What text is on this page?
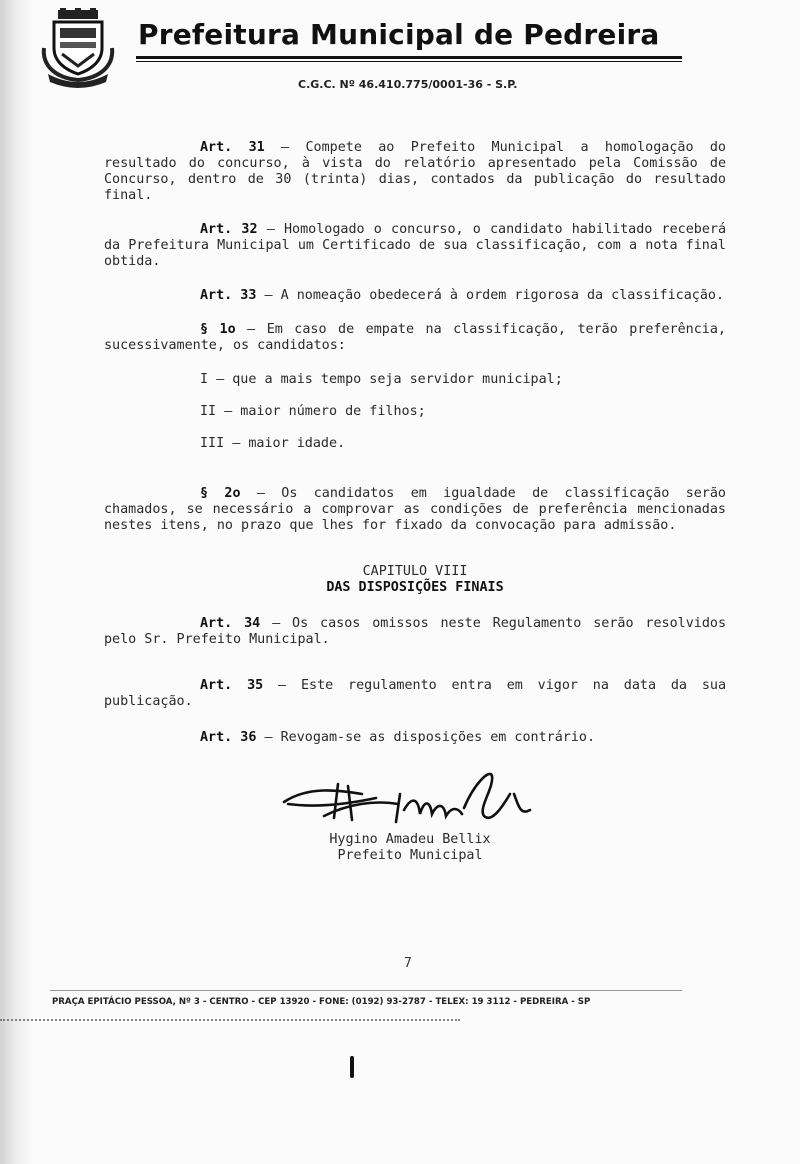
Prefeitura Municipal de Pedreira
C.G.C. Nº 46.410.775/0001-36 - S.P.

Art. 31 – Compete ao Prefeito Municipal a homologação do resultado do concurso, à vista do relatório apresentado pela Comissão de Concurso, dentro de 30 (trinta) dias, contados da publicação do resultado final.

Art. 32 – Homologado o concurso, o candidato habilitado receberá da Prefeitura Municipal um Certificado de sua classificação, com a nota final obtida.

Art. 33 – A nomeação obedecerá à ordem rigorosa da classificação.

§ 1o – Em caso de empate na classificação, terão preferência, sucessivamente, os candidatos:

I – que a mais tempo seja servidor municipal;
II – maior número de filhos;
III – maior idade.

§ 2o – Os candidatos em igualdade de classificação serão chamados, se necessário a comprovar as condições de preferência mencionadas nestes itens, no prazo que lhes for fixado da convocação para admissão.

CAPITULO VIII
DAS DISPOSIÇÕES FINAIS

Art. 34 – Os casos omissos neste Regulamento serão resolvidos pelo Sr. Prefeito Municipal.

Art. 35 – Este regulamento entra em vigor na data da sua publicação.

Art. 36 – Revogam-se as disposições em contrário.

Hygino Amadeu Bellix
Prefeito Municipal
7
PRAÇA EPITÁCIO PESSOA, Nº 3 - CENTRO - CEP 13920 - FONE: (0192) 93-2787 - TELEX: 19 3112 - PEDREIRA - SP
